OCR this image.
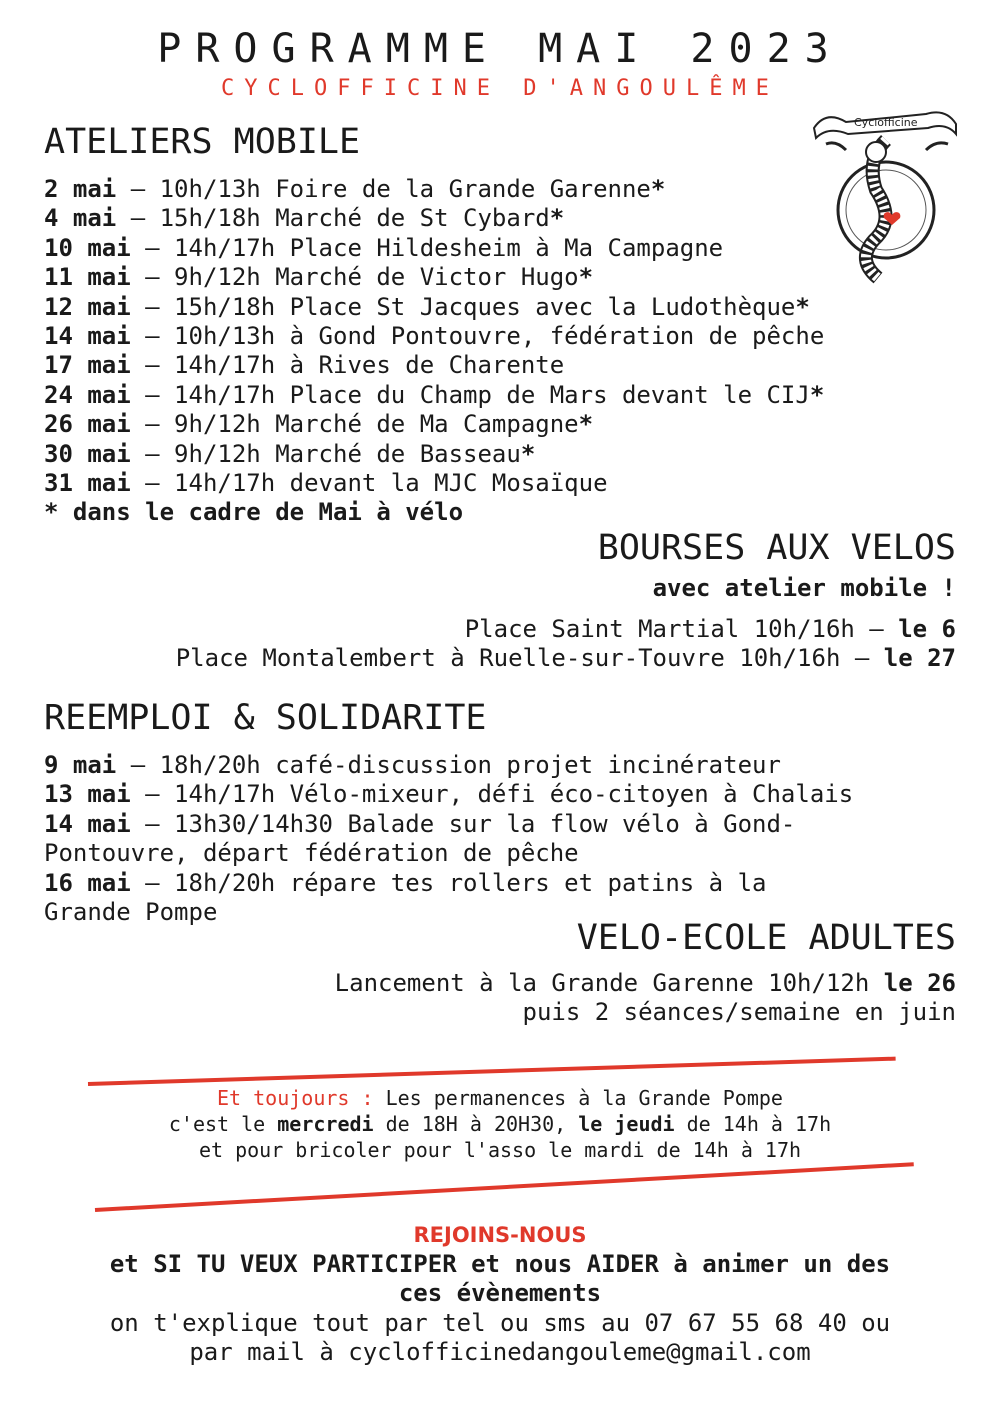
PROGRAMME MAI 2023
CYCLOFFICINE D'ANGOULÊME
Cyclofficine
ATELIERS MOBILE
2 mai – 10h/13h Foire de la Grande Garenne*
4 mai – 15h/18h Marché de St Cybard*
10 mai – 14h/17h Place Hildesheim à Ma Campagne
11 mai – 9h/12h Marché de Victor Hugo*
12 mai – 15h/18h Place St Jacques avec la Ludothèque*
14 mai – 10h/13h à Gond Pontouvre, fédération de pêche
17 mai – 14h/17h à Rives de Charente
24 mai – 14h/17h Place du Champ de Mars devant le CIJ*
26 mai – 9h/12h Marché de Ma Campagne*
30 mai – 9h/12h Marché de Basseau*
31 mai – 14h/17h devant la MJC Mosaïque
* dans le cadre de Mai à vélo
BOURSES AUX VELOS
avec atelier mobile !
Place Saint Martial 10h/16h – le 6
Place Montalembert à Ruelle-sur-Touvre 10h/16h – le 27
REEMPLOI & SOLIDARITE
9 mai – 18h/20h café-discussion projet incinérateur
13 mai – 14h/17h Vélo-mixeur, défi éco-citoyen à Chalais
14 mai – 13h30/14h30 Balade sur la flow vélo à Gond-
Pontouvre, départ fédération de pêche
16 mai – 18h/20h répare tes rollers et patins à la
Grande Pompe
VELO-ECOLE ADULTES
Lancement à la Grande Garenne 10h/12h le 26
puis 2 séances/semaine en juin
Et toujours : Les permanences à la Grande Pompe
c'est le mercredi de 18H à 20H30, le jeudi de 14h à 17h
et pour bricoler pour l'asso le mardi de 14h à 17h
REJOINS-NOUS
et SI TU VEUX PARTICIPER et nous AIDER à animer un des
ces évènements
on t'explique tout par tel ou sms au 07 67 55 68 40 ou
par mail à cyclofficinedangouleme@gmail.com
